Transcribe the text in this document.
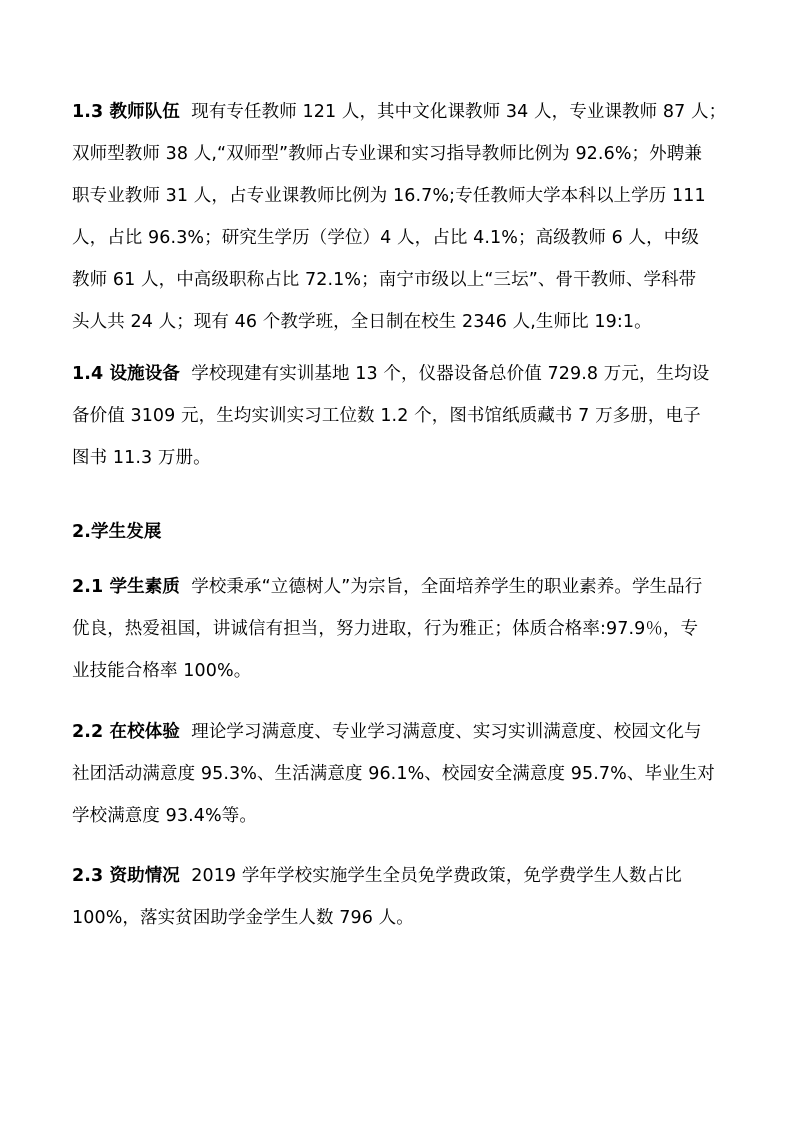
1.3 教师队伍 现有专任教师 121 人，其中文化课教师 34 人，专业课教师 87 人；
双师型教师 38 人,“双师型”教师占专业课和实习指导教师比例为 92.6%；外聘兼
职专业教师 31 人，占专业课教师比例为 16.7%;专任教师大学本科以上学历 111
人，占比 96.3%；研究生学历（学位）4 人，占比 4.1%；高级教师 6 人，中级
教师 61 人，中高级职称占比 72.1%；南宁市级以上“三坛”、骨干教师、学科带
头人共 24 人；现有 46 个教学班，全日制在校生 2346 人,生师比 19:1。
1.4 设施设备 学校现建有实训基地 13 个，仪器设备总价值 729.8 万元，生均设
备价值 3109 元，生均实训实习工位数 1.2 个，图书馆纸质藏书 7 万多册，电子
图书 11.3 万册。
2.学生发展
2.1 学生素质 学校秉承“立德树人”为宗旨，全面培养学生的职业素养。学生品行
优良，热爱祖国，讲诚信有担当，努力进取，行为雅正；体质合格率:97.9％，专
业技能合格率 100%。
2.2 在校体验 理论学习满意度、专业学习满意度、实习实训满意度、校园文化与
社团活动满意度 95.3%、生活满意度 96.1%、校园安全满意度 95.7%、毕业生对
学校满意度 93.4%等。
2.3 资助情况 2019 学年学校实施学生全员免学费政策，免学费学生人数占比
100%，落实贫困助学金学生人数 796 人。
